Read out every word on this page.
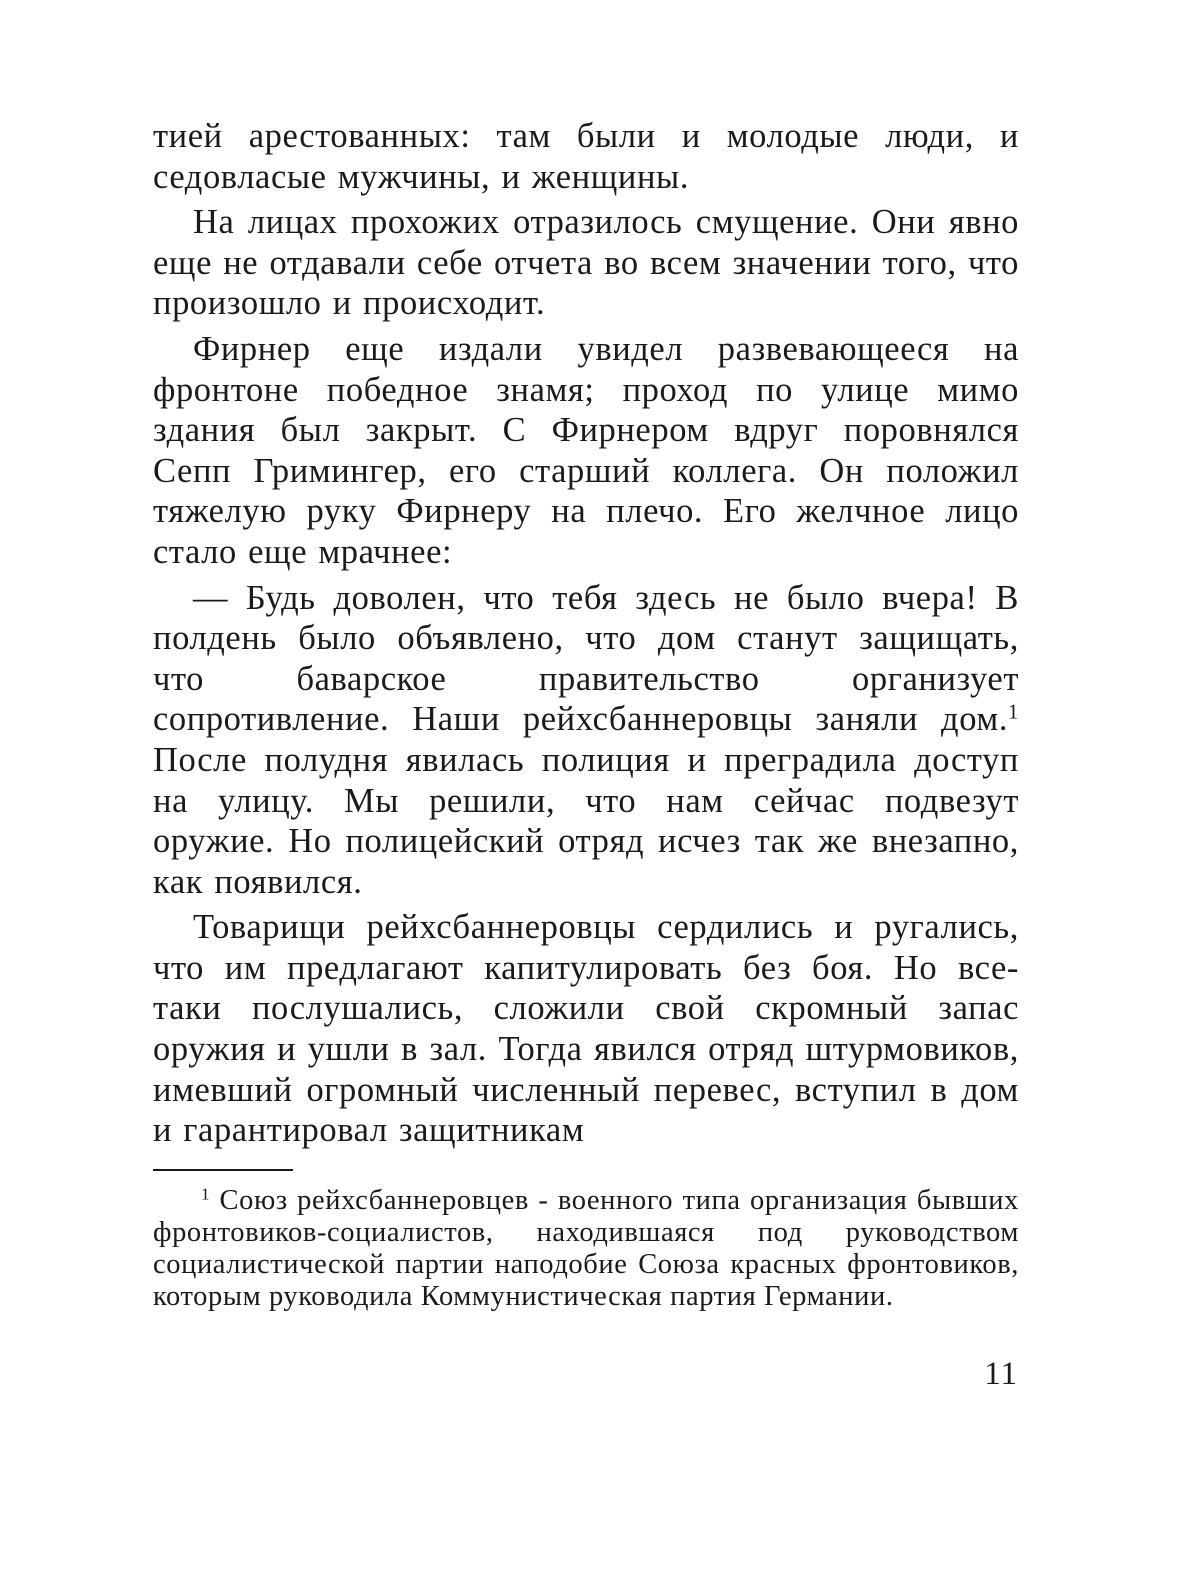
тией арестованных: там были и молодые люди, и седовласые мужчины, и женщины.

На лицах прохожих отразилось смущение. Они явно еще не отдавали себе отчета во всем значении того, что произошло и происходит.

Фирнер еще издали увидел развевающееся на фронтоне победное знамя; проход по улице мимо здания был закрыт. С Фирнером вдруг поровнялся Сепп Гримингер, его старший коллега. Он положил тяжелую руку Фирнеру на плечо. Его желчное лицо стало еще мрачнее:

— Будь доволен, что тебя здесь не было вчера! В полдень было объявлено, что дом станут защищать, что баварское правительство организует сопротивление. Наши рейхсбаннеровцы заняли дом.$^1$ После полудня явилась полиция и преградила доступ на улицу. Мы решили, что нам сейчас подвезут оружие. Но полицейский отряд исчез так же внезапно, как появился.

Товарищи рейхсбаннеровцы сердились и ругались, что им предлагают капитулировать без боя. Но все-таки послушались, сложили свой скромный запас оружия и ушли в зал. Тогда явился отряд штурмовиков, имевший огромный численный перевес, вступил в дом и гарантировал защитникам

$^1$ Союз рейхсбаннеровцев - военного типа организация бывших фронтовиков-социалистов, находившаяся под руководством социалистической партии наподобие Союза красных фронтовиков, которым руководила Коммунистическая партия Германии.
11
